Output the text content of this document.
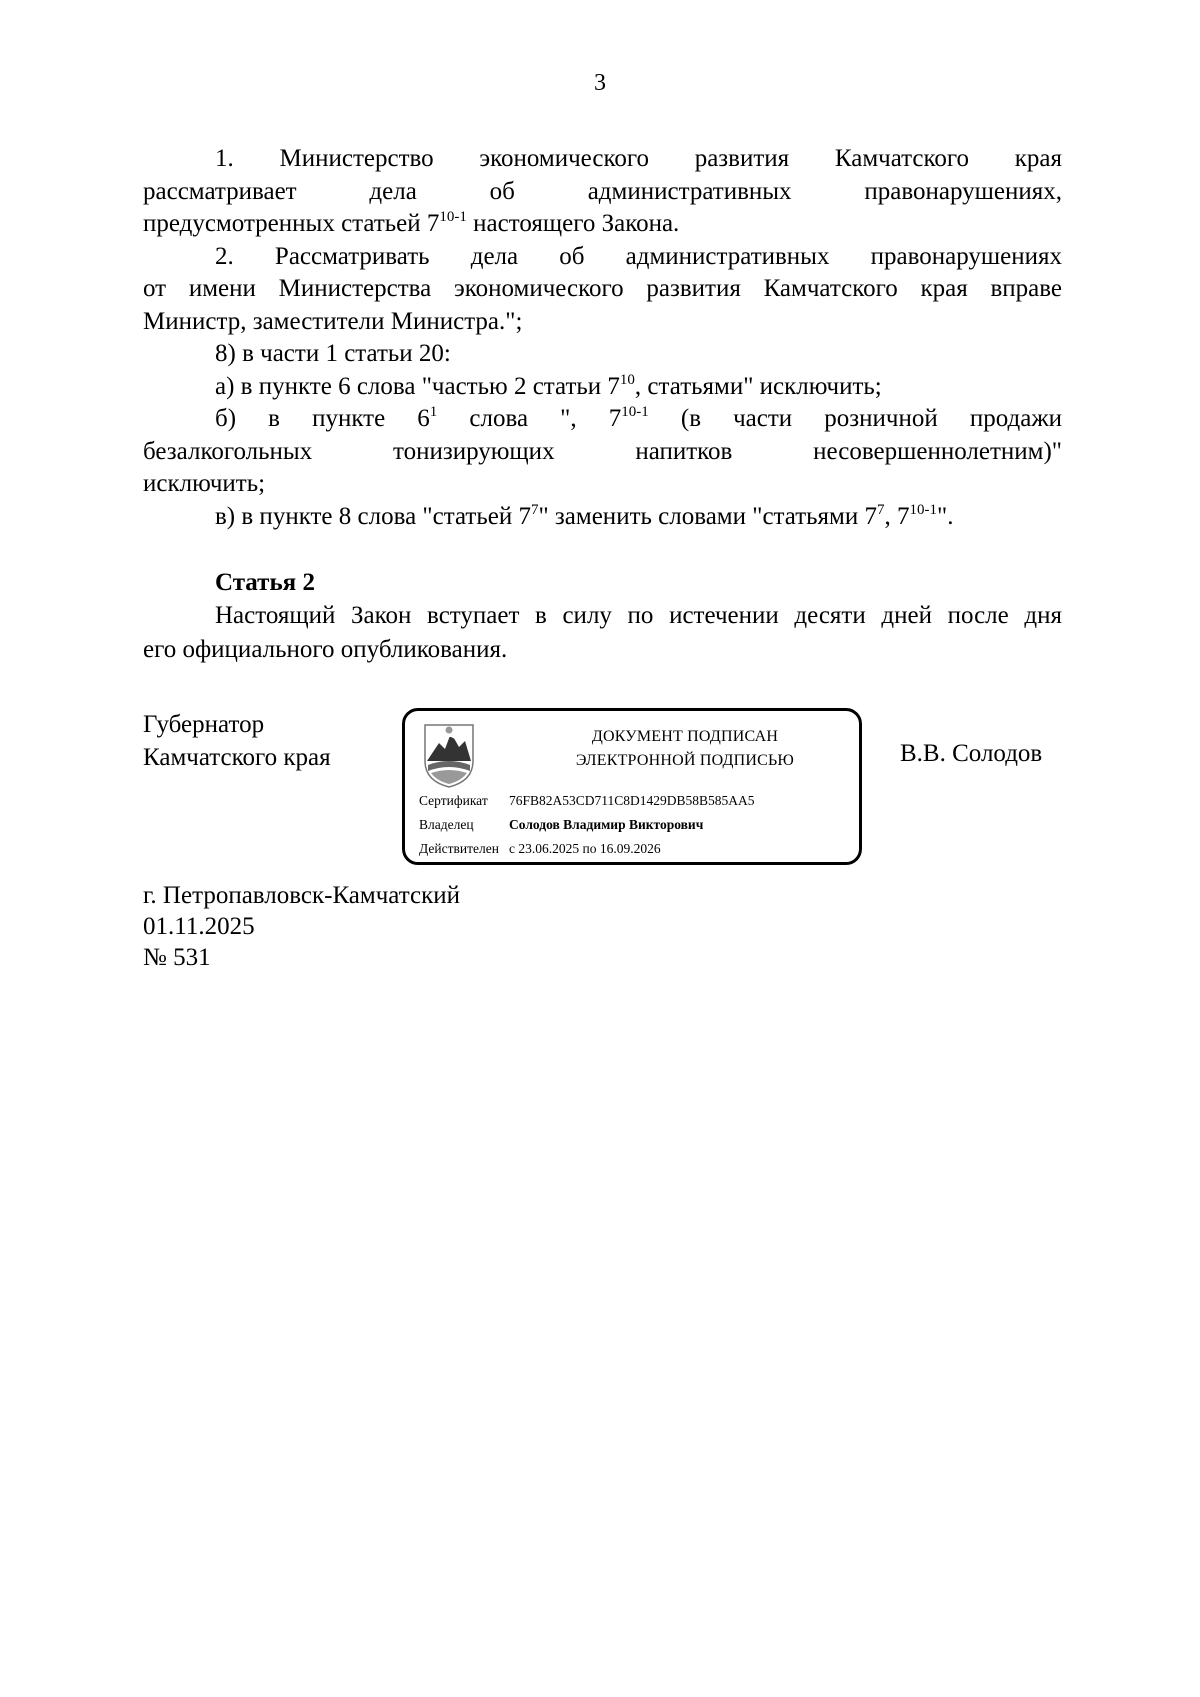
3

1. Министерство экономического развития Камчатского края

рассматривает дела об административных правонарушениях,

предусмотренных статьей 7$^{10-1}$ настоящего Закона.

2. Рассматривать дела об административных правонарушениях

от имени Министерства экономического развития Камчатского края вправе

Министр, заместители Министра.";

8) в части 1 статьи 20:

а) в пункте 6 слова "частью 2 статьи $7^{10}$, статьями" исключить;

б) в пункте $6^1$ слова ", 7$^{10-1}$ (в части розничной продажи

безалкогольных тонизирующих напитков несовершеннолетним)"

исключить;

в) в пункте 8 слова "статьей $7^7$" заменить словами "статьями $7^7$, 7$^{10-1}$".

Статья 2

Настоящий Закон вступает в силу по истечении десяти дней после дня

его официального опубликования.

Губернатор
Камчатского края
ДОКУМЕНТ ПОДПИСАН
ЭЛЕКТРОННОЙ ПОДПИСЬЮ
Сертификат 76FB82A53CD711C8D1429DB58B585AA5
Владелец	Солодов Владимир Викторович
Действителен с 23.06.2025 по 16.09.2026
В.В. Солодов
г. Петропавловск-Камчатский
01.11.2025
№ 531
